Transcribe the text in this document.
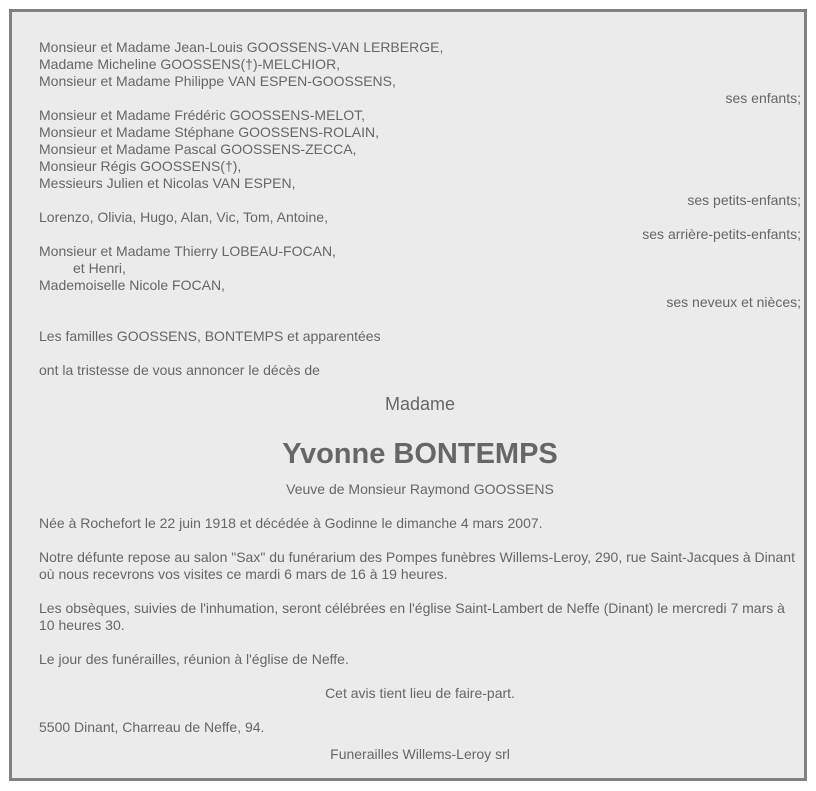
Monsieur et Madame Jean-Louis GOOSSENS-VAN LERBERGE,
Madame Micheline GOOSSENS(†)-MELCHIOR,
Monsieur et Madame Philippe VAN ESPEN-GOOSSENS,
ses enfants;
Monsieur et Madame Frédéric GOOSSENS-MELOT,
Monsieur et Madame Stéphane GOOSSENS-ROLAIN,
Monsieur et Madame Pascal GOOSSENS-ZECCA,
Monsieur Régis GOOSSENS(†),
Messieurs Julien et Nicolas VAN ESPEN,
ses petits-enfants;
Lorenzo, Olivia, Hugo, Alan, Vic, Tom, Antoine,
ses arrière-petits-enfants;
Monsieur et Madame Thierry LOBEAU-FOCAN,
et Henri,
Mademoiselle Nicole FOCAN,
ses neveux et nièces;
Les familles GOOSSENS, BONTEMPS et apparentées
ont la tristesse de vous annoncer le décès de
Madame
Yvonne BONTEMPS
Veuve de Monsieur Raymond GOOSSENS
Née à Rochefort le 22 juin 1918 et décédée à Godinne le dimanche 4 mars 2007.
Notre défunte repose au salon "Sax" du funérarium des Pompes funèbres Willems-Leroy, 290, rue Saint-Jacques à Dinant où nous recevrons vos visites ce mardi 6 mars de 16 à 19 heures.
Les obsèques, suivies de l'inhumation, seront célébrées en l'église Saint-Lambert de Neffe (Dinant) le mercredi 7 mars à 10 heures 30.
Le jour des funérailles, réunion à l'église de Neffe.
Cet avis tient lieu de faire-part.
5500 Dinant, Charreau de Neffe, 94.
Funerailles Willems-Leroy srl
